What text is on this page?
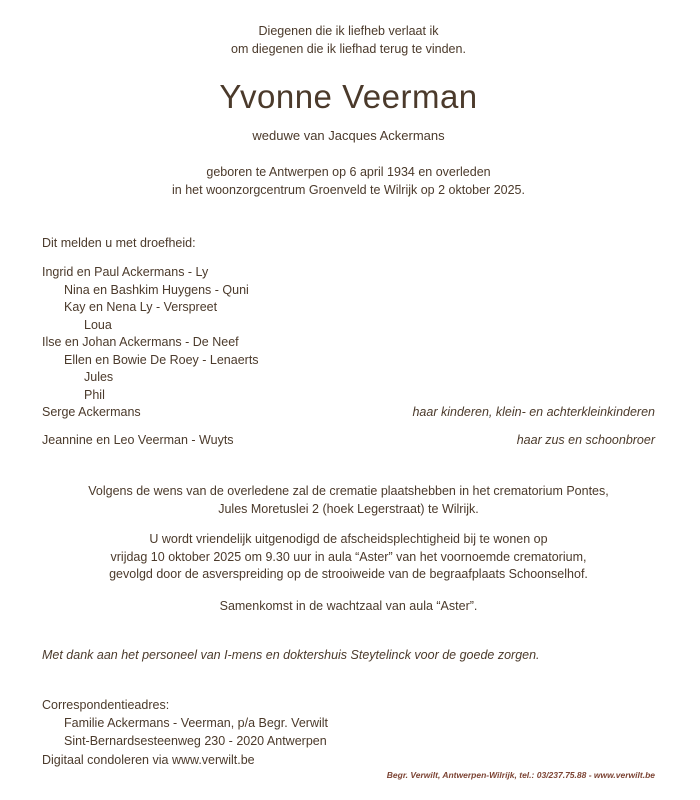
Diegenen die ik liefheb verlaat ik
om diegenen die ik liefhad terug te vinden.
Yvonne Veerman
weduwe van Jacques Ackermans
geboren te Antwerpen op 6 april 1934 en overleden
in het woonzorgcentrum Groenveld te Wilrijk op 2 oktober 2025.
Dit melden u met droefheid:
Ingrid en Paul Ackermans - Ly
Nina en Bashkim Huygens - Quni
Kay en Nena Ly - Verspreet
Loua
Ilse en Johan Ackermans - De Neef
Ellen en Bowie De Roey - Lenaerts
Jules
Phil
Serge Ackermans	haar kinderen, klein- en achterkleinkinderen
Jeannine en Leo Veerman - Wuyts	haar zus en schoonbroer
Volgens de wens van de overledene zal de crematie plaatshebben in het crematorium Pontes,
Jules Moretuslei 2 (hoek Legerstraat) te Wilrijk.
U wordt vriendelijk uitgenodigd de afscheidsplechtigheid bij te wonen op
vrijdag 10 oktober 2025 om 9.30 uur in aula “Aster” van het voornoemde crematorium,
gevolgd door de asverspreiding op de strooiweide van de begraafplaats Schoonselhof.
Samenkomst in de wachtzaal van aula “Aster”.
Met dank aan het personeel van I-mens en doktershuis Steytelinck voor de goede zorgen.
Correspondentieadres:
Familie Ackermans - Veerman, p/a Begr. Verwilt
Sint-Bernardsesteenweg 230 - 2020 Antwerpen
Digitaal condoleren via www.verwilt.be
Begr. Verwilt, Antwerpen-Wilrijk, tel.: 03/237.75.88 - www.verwilt.be
